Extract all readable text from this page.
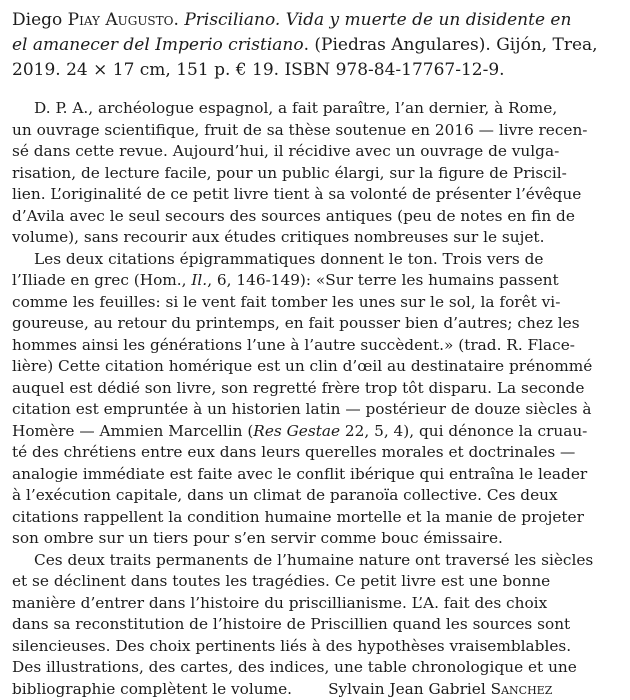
Diego Piay Augusto. Prisciliano. Vida y muerte de un disidente en

el amanecer del Imperio cristiano. (Piedras Angulares). Gijón, Trea,

2019. 24 × 17 cm, 151 p. € 19. ISBN 978-84-17767-12-9.

D. P. A., archéologue espagnol, a fait paraître, l’an dernier, à Rome,

un ouvrage scientifique, fruit de sa thèse soutenue en 2016 — livre recen-

sé dans cette revue. Aujourd’hui, il récidive avec un ouvrage de vulga-

risation, de lecture facile, pour un public élargi, sur la figure de Priscil-

lien. L’originalité de ce petit livre tient à sa volonté de présenter l’évêque

d’Avila avec le seul secours des sources antiques (peu de notes en fin de

volume), sans recourir aux études critiques nombreuses sur le sujet.

Les deux citations épigrammatiques donnent le ton. Trois vers de

l’Iliade en grec (Hom., Il., 6, 146-149): «Sur terre les humains passent

comme les feuilles: si le vent fait tomber les unes sur le sol, la forêt vi-

goureuse, au retour du printemps, en fait pousser bien d’autres; chez les

hommes ainsi les générations l’une à l’autre succèdent.» (trad. R. Flace-

lière) Cette citation homérique est un clin d’œil au destinataire prénommé

auquel est dédié son livre, son regretté frère trop tôt disparu. La seconde

citation est empruntée à un historien latin — postérieur de douze siècles à

Homère — Ammien Marcellin (Res Gestae 22, 5, 4), qui dénonce la cruau-

té des chrétiens entre eux dans leurs querelles morales et doctrinales —

analogie immédiate est faite avec le conflit ibérique qui entraîna le leader

à l’exécution capitale, dans un climat de paranoïa collective. Ces deux

citations rappellent la condition humaine mortelle et la manie de projeter

son ombre sur un tiers pour s’en servir comme bouc émissaire.

Ces deux traits permanents de l’humaine nature ont traversé les siècles

et se déclinent dans toutes les tragédies. Ce petit livre est une bonne

manière d’entrer dans l’histoire du priscillianisme. L’A. fait des choix

dans sa reconstitution de l’histoire de Priscillien quand les sources sont

silencieuses. Des choix pertinents liés à des hypothèses vraisemblables.

Des illustrations, des cartes, des indices, une table chronologique et une

bibliographie complètent le volume. Sylvain Jean Gabriel Sanchez
